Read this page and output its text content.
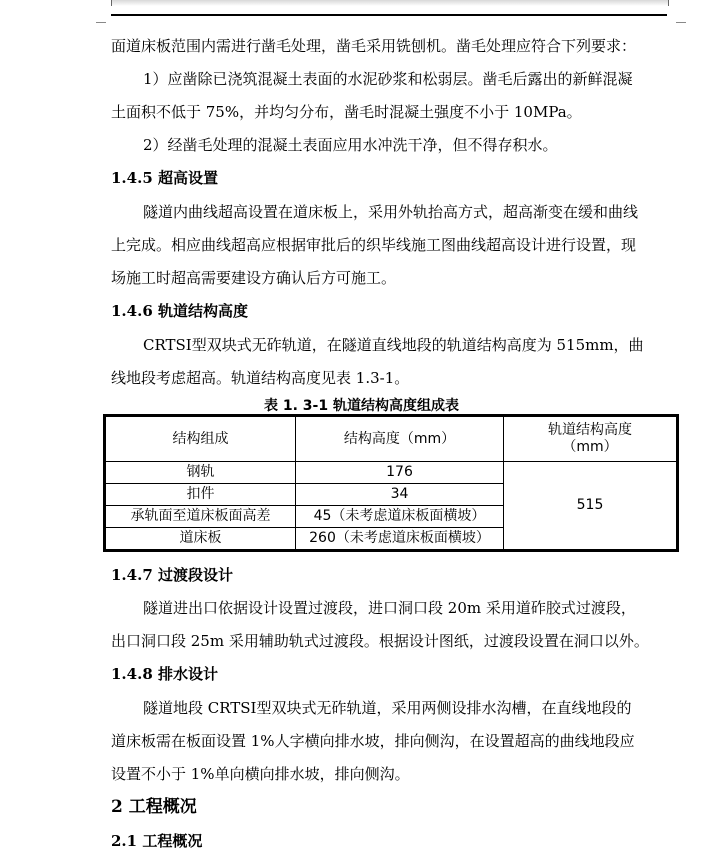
面道床板范围内需进行凿毛处理，凿毛采用铣刨机。凿毛处理应符合下列要求：
1）应凿除已浇筑混凝土表面的水泥砂浆和松弱层。凿毛后露出的新鲜混凝
土面积不低于 75%，并均匀分布，凿毛时混凝土强度不小于 10MPa。
2）经凿毛处理的混凝土表面应用水冲洗干净，但不得存积水。
1.4.5 超高设置
隧道内曲线超高设置在道床板上，采用外轨抬高方式，超高渐变在缓和曲线
上完成。相应曲线超高应根据审批后的织毕线施工图曲线超高设计进行设置，现
场施工时超高需要建设方确认后方可施工。
1.4.6 轨道结构高度
CRTSⅠ型双块式无砟轨道，在隧道直线地段的轨道结构高度为 515mm，曲
线地段考虑超高。轨道结构高度见表 1.3-1。
表 1. 3-1 轨道结构高度组成表
结构组成	结构高度（mm）	轨道结构高度（mm）
钢轨	176	515
扣件	34	
承轨面至道床板面高差	45（未考虑道床板面横坡）	
道床板	260（未考虑道床板面横坡）	
1.4.7 过渡段设计
隧道进出口依据设计设置过渡段，进口洞口段 20m 采用道砟胶式过渡段，
出口洞口段 25m 采用辅助轨式过渡段。根据设计图纸，过渡段设置在洞口以外。
1.4.8 排水设计
隧道地段 CRTSⅠ型双块式无砟轨道，采用两侧设排水沟槽，在直线地段的
道床板需在板面设置 1%人字横向排水坡，排向侧沟，在设置超高的曲线地段应
设置不小于 1%单向横向排水坡，排向侧沟。
2 工程概况
2.1 工程概况
